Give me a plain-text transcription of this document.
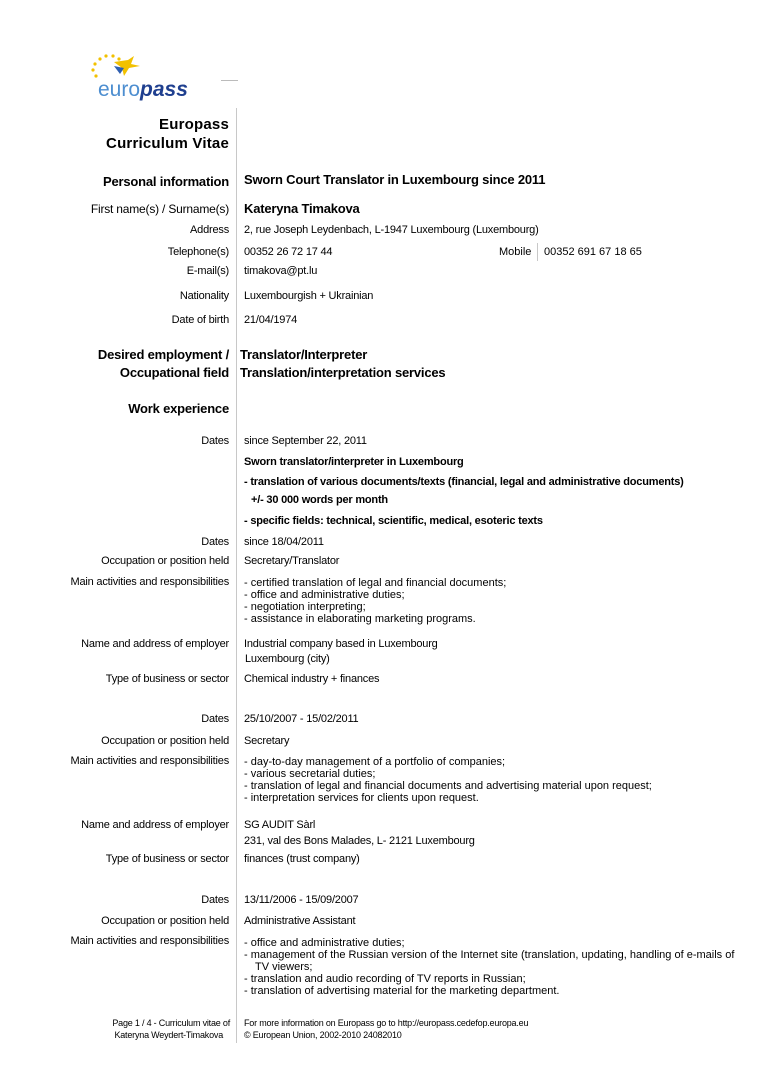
europass
Europass
Curriculum Vitae
Personal information Sworn Court Translator in Luxembourg since 2011
First name(s) / Surname(s) Kateryna Timakova
Address 2, rue Joseph Leydenbach, L-1947 Luxembourg (Luxembourg)
Telephone(s) 00352 26 72 17 44	Mobile 00352 691 67 18 65
E-mail(s) timakova@pt.lu
Nationality Luxembourgish + Ukrainian
Date of birth 21/04/1974
Desired employment /
Occupational field
Translator/Interpreter
Translation/interpretation services
Work experience
Dates since September 22, 2011
Sworn translator/interpreter in Luxembourg
- translation of various documents/texts (financial, legal and administrative documents)
+/- 30 000 words per month
- specific fields: technical, scientific, medical, esoteric texts
Dates since 18/04/2011
Occupation or position held Secretary/Translator
Main activities and responsibilities - certified translation of legal and financial documents;
- office and administrative duties;
- negotiation interpreting;
- assistance in elaborating marketing programs.
Name and address of employer Industrial company based in Luxembourg
Luxembourg (city)
Type of business or sector Chemical industry + finances
Dates 25/10/2007 - 15/02/2011
Occupation or position held Secretary
Main activities and responsibilities - day-to-day management of a portfolio of companies;
- various secretarial duties;
- translation of legal and financial documents and advertising material upon request;
- interpretation services for clients upon request.
Name and address of employer SG AUDIT Sàrl
231, val des Bons Malades, L- 2121 Luxembourg
Type of business or sector finances (trust company)
Dates 13/11/2006 - 15/09/2007
Occupation or position held Administrative Assistant
Main activities and responsibilities - office and administrative duties;
- management of the Russian version of the Internet site (translation, updating, handling of e-mails of
TV viewers;
- translation and audio recording of TV reports in Russian;
- translation of advertising material for the marketing department.
Page 1 / 4 - Curriculum vitae of
Kateryna Weydert-Timakova
For more information on Europass go to http://europass.cedefop.europa.eu
© European Union, 2002-2010 24082010
